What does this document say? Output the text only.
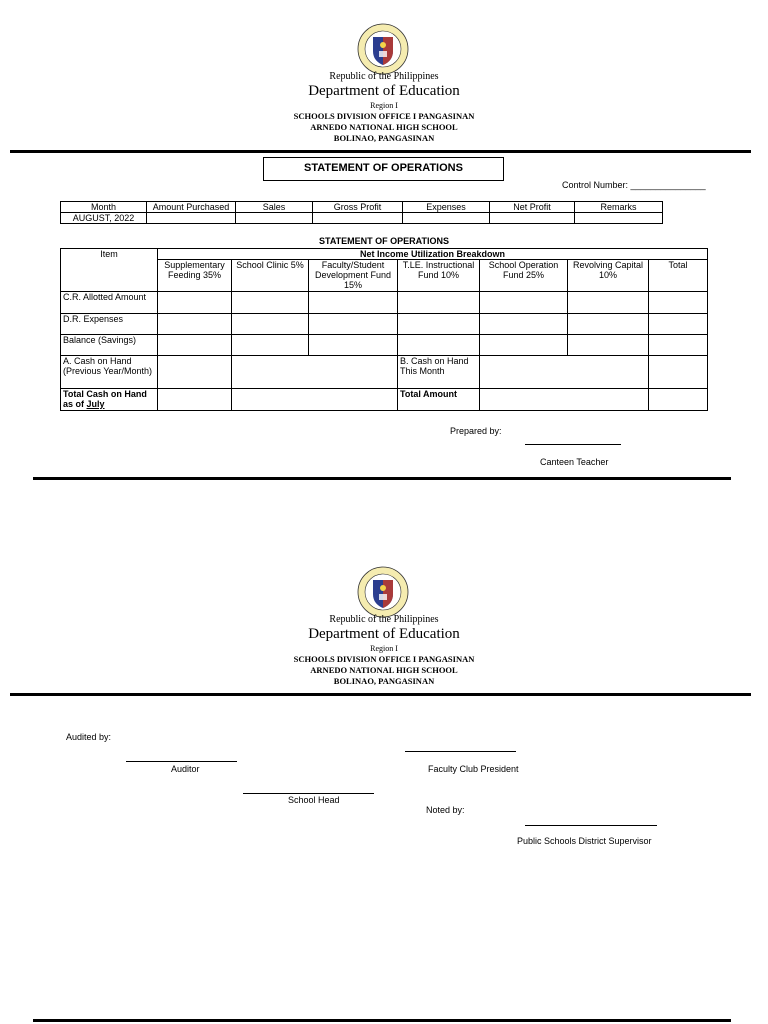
Republic of the Philippines
Department of Education
Region I
SCHOOLS DIVISION OFFICE I PANGASINAN
ARNEDO NATIONAL HIGH SCHOOL
BOLINAO, PANGASINAN
STATEMENT OF OPERATIONS
Control Number: _______________
Month	Amount Purchased	Sales	Gross Profit	Expenses	Net Profit	Remarks
AUGUST, 2022						
STATEMENT OF OPERATIONS
Item	Net Income Utilization Breakdown						
	Supplementary Feeding 35%	School Clinic 5%	Faculty/Student Development Fund 15%	T.LE. Instructional Fund 10%	School Operation Fund 25%	Revolving Capital 10%	Total
C.R. Allotted Amount							
D.R. Expenses							
Balance (Savings)							
A. Cash on Hand (Previous Year/Month)				B. Cash on Hand This Month			
Total Cash on Hand as of July				Total Amount			
Prepared by:
Canteen Teacher
Republic of the Philippines
Department of Education
Region I
SCHOOLS DIVISION OFFICE I PANGASINAN
ARNEDO NATIONAL HIGH SCHOOL
BOLINAO, PANGASINAN
Audited by:
Auditor	Faculty Club President
School Head
Noted by:
Public Schools District Supervisor
